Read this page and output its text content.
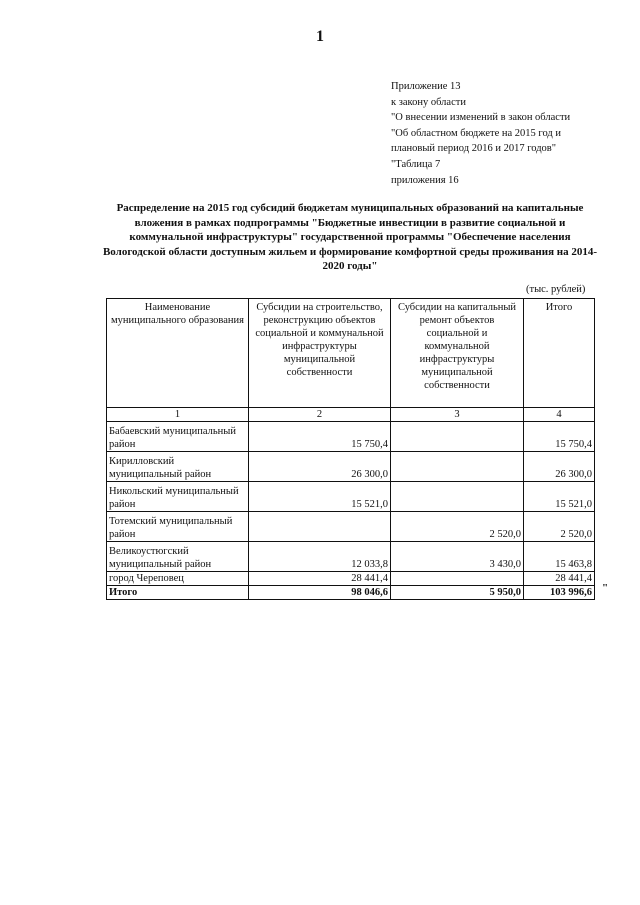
1
Приложение 13
к закону области
"О внесении изменений в закон области
"Об областном бюджете на 2015 год и
плановый период 2016 и 2017 годов"
"Таблица 7
приложения 16
Распределение на 2015 год субсидий бюджетам муниципальных образований на капитальные вложения в рамках подпрограммы "Бюджетные инвестиции в развитие социальной и коммунальной инфраструктуры" государственной программы "Обеспечение населения Вологодской области доступным жильем и формирование комфортной среды проживания на 2014-2020 годы"
(тыс. рублей)
Наименование муниципального образования	Субсидии на строительство, реконструкцию объектов социальной и коммунальной инфраструктуры муниципальной собственности	Субсидии на капитальный ремонт объектов социальной и коммунальной инфраструктуры муниципальной собственности	Итого
1	2	3	4
Бабаевский муниципальный район	15 750,4		15 750,4
Кирилловский муниципальный район	26 300,0		26 300,0
Никольский муниципальный район	15 521,0		15 521,0
Тотемский муниципальный район		2 520,0	2 520,0
Великоустюгский муниципальный район	12 033,8	3 430,0	15 463,8
город Череповец	28 441,4		28 441,4
Итого	98 046,6	5 950,0	103 996,6 "
